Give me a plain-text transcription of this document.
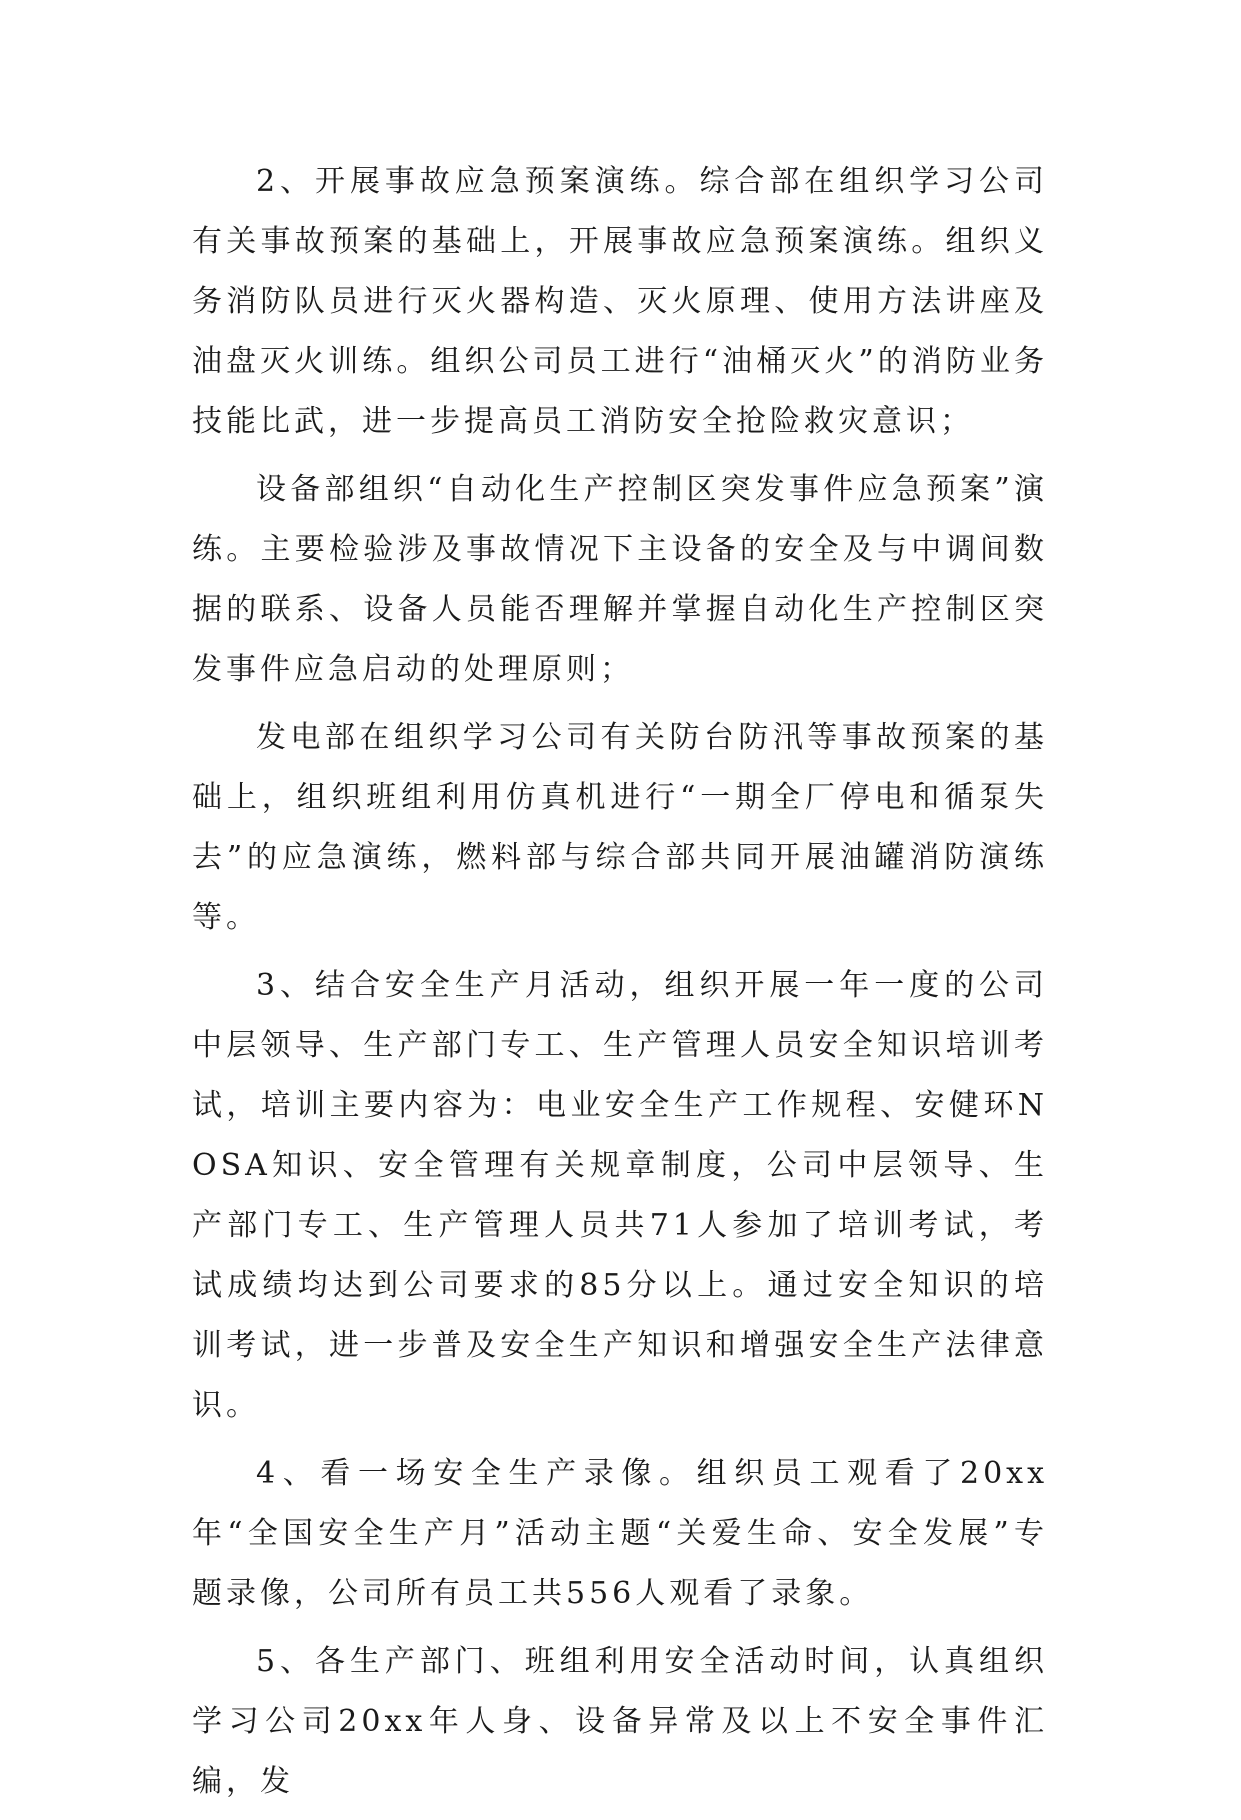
2、开展事故应急预案演练。综合部在组织学习公司有关事故预案的基础上，开展事故应急预案演练。组织义务消防队员进行灭火器构造、灭火原理、使用方法讲座及油盘灭火训练。组织公司员工进行“油桶灭火”的消防业务技能比武，进一步提高员工消防安全抢险救灾意识；

设备部组织“自动化生产控制区突发事件应急预案”演练。主要检验涉及事故情况下主设备的安全及与中调间数据的联系、设备人员能否理解并掌握自动化生产控制区突发事件应急启动的处理原则；

发电部在组织学习公司有关防台防汛等事故预案的基础上，组织班组利用仿真机进行“一期全厂停电和循泵失去”的应急演练，燃料部与综合部共同开展油罐消防演练等。

3、结合安全生产月活动，组织开展一年一度的公司中层领导、生产部门专工、生产管理人员安全知识培训考试，培训主要内容为：电业安全生产工作规程、安健环NOSA知识、安全管理有关规章制度，公司中层领导、生产部门专工、生产管理人员共71人参加了培训考试，考试成绩均达到公司要求的85分以上。通过安全知识的培训考试，进一步普及安全生产知识和增强安全生产法律意识。

4、看一场安全生产录像。组织员工观看了20xx年“全国安全生产月”活动主题“关爱生命、安全发展”专题录像，公司所有员工共556人观看了录象。

5、各生产部门、班组利用安全活动时间，认真组织学习公司20xx年人身、设备异常及以上不安全事件汇编，发
